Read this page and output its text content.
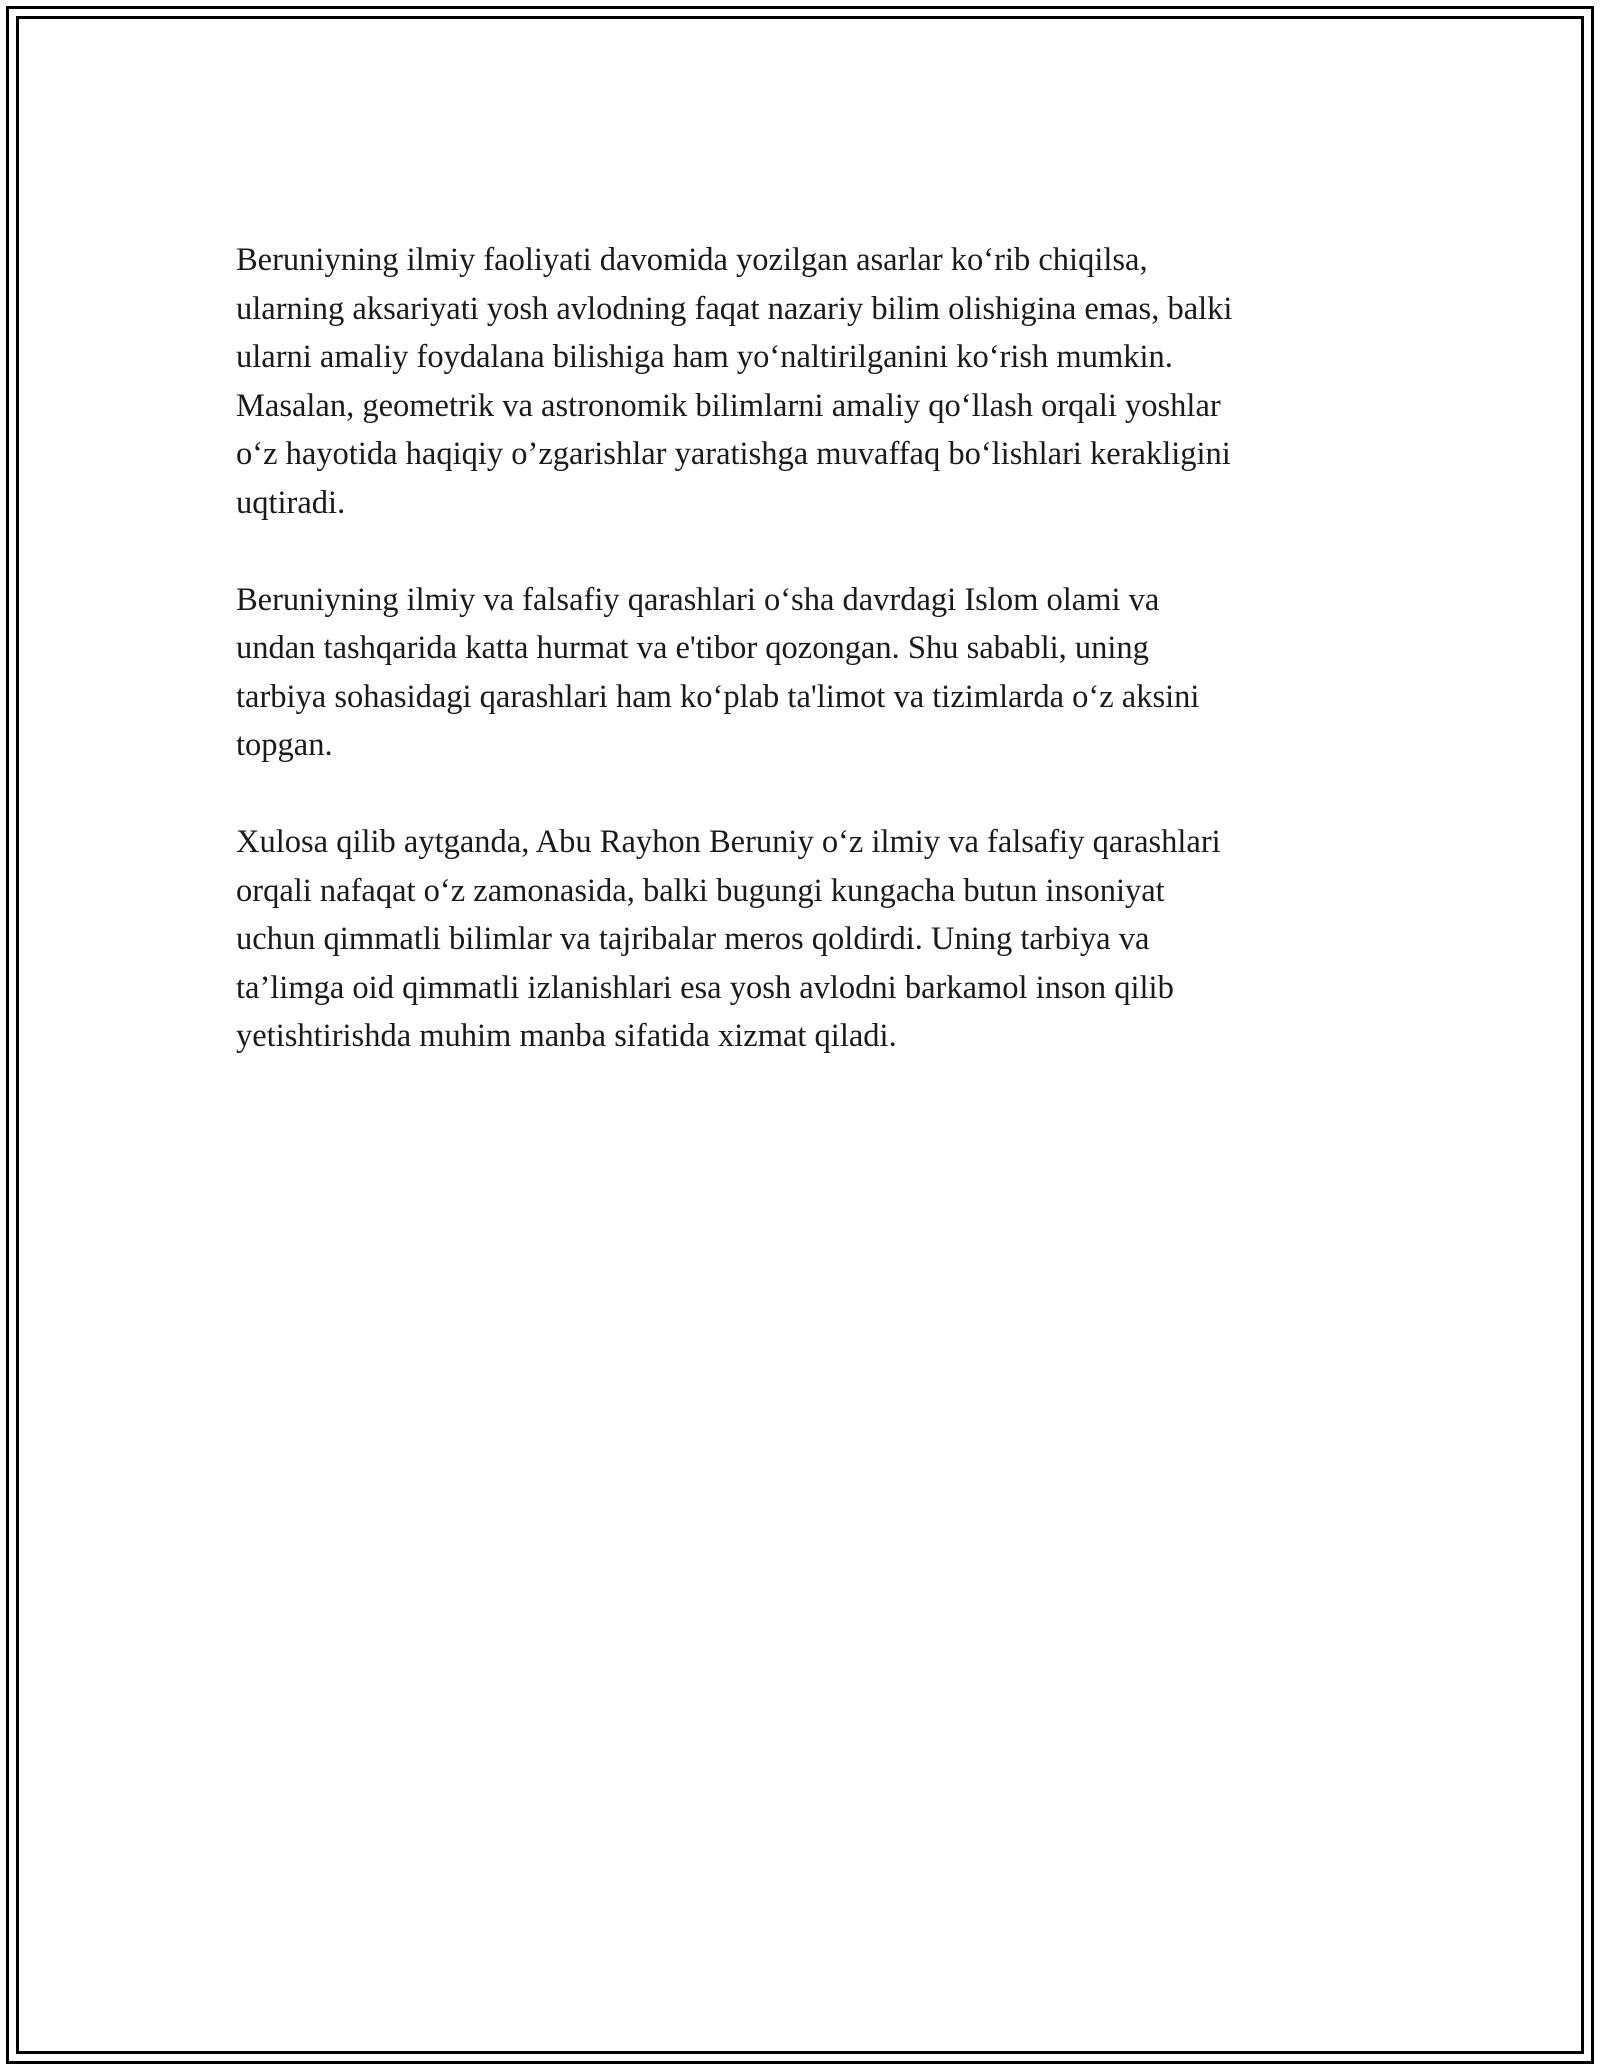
Beruniyning ilmiy faoliyati davomida yozilgan asarlar ko‘rib chiqilsa,
ularning aksariyati yosh avlodning faqat nazariy bilim olishigina emas, balki
ularni amaliy foydalana bilishiga ham yo‘naltirilganini ko‘rish mumkin.
Masalan, geometrik va astronomik bilimlarni amaliy qo‘llash orqali yoshlar
o‘z hayotida haqiqiy o’zgarishlar yaratishga muvaffaq bo‘lishlari kerakligini
uqtiradi.

Beruniyning ilmiy va falsafiy qarashlari o‘sha davrdagi Islom olami va
undan tashqarida katta hurmat va e'tibor qozongan. Shu sababli, uning
tarbiya sohasidagi qarashlari ham ko‘plab ta'limot va tizimlarda o‘z aksini
topgan.

Xulosa qilib aytganda, Abu Rayhon Beruniy o‘z ilmiy va falsafiy qarashlari
orqali nafaqat o‘z zamonasida, balki bugungi kungacha butun insoniyat
uchun qimmatli bilimlar va tajribalar meros qoldirdi. Uning tarbiya va
ta’limga oid qimmatli izlanishlari esa yosh avlodni barkamol inson qilib
yetishtirishda muhim manba sifatida xizmat qiladi.
